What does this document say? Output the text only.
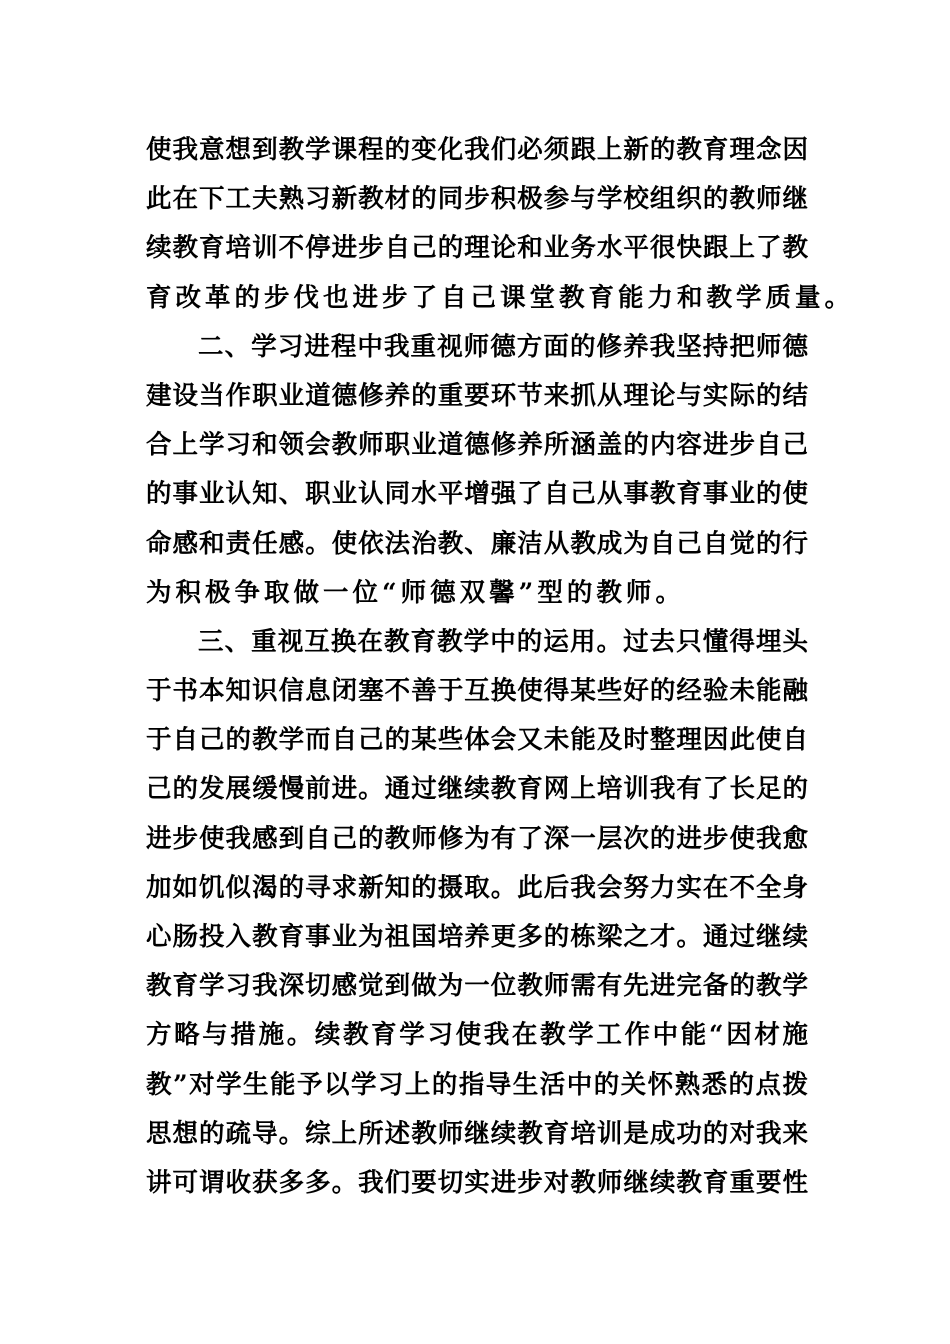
使我意想到教学课程的变化我们必须跟上新的教育理念因
此在下工夫熟习新教材的同步积极参与学校组织的教师继
续教育培训不停进步自己的理论和业务水平很快跟上了教
育改革的步伐也进步了自己课堂教育能力和教学质量。
二、学习进程中我重视师德方面的修养我坚持把师德
建设当作职业道德修养的重要环节来抓从理论与实际的结
合上学习和领会教师职业道德修养所涵盖的内容进步自己
的事业认知、职业认同水平增强了自己从事教育事业的使
命感和责任感。使依法治教、廉洁从教成为自己自觉的行
为积极争取做一位“师德双馨”型的教师。
三、重视互换在教育教学中的运用。过去只懂得埋头
于书本知识信息闭塞不善于互换使得某些好的经验未能融
于自己的教学而自己的某些体会又未能及时整理因此使自
己的发展缓慢前进。通过继续教育网上培训我有了长足的
进步使我感到自己的教师修为有了深一层次的进步使我愈
加如饥似渴的寻求新知的摄取。此后我会努力实在不全身
心肠投入教育事业为祖国培养更多的栋梁之才。通过继续
教育学习我深切感觉到做为一位教师需有先进完备的教学
方略与措施。续教育学习使我在教学工作中能“因材施
教”对学生能予以学习上的指导生活中的关怀熟悉的点拨
思想的疏导。综上所述教师继续教育培训是成功的对我来
讲可谓收获多多。我们要切实进步对教师继续教育重要性
